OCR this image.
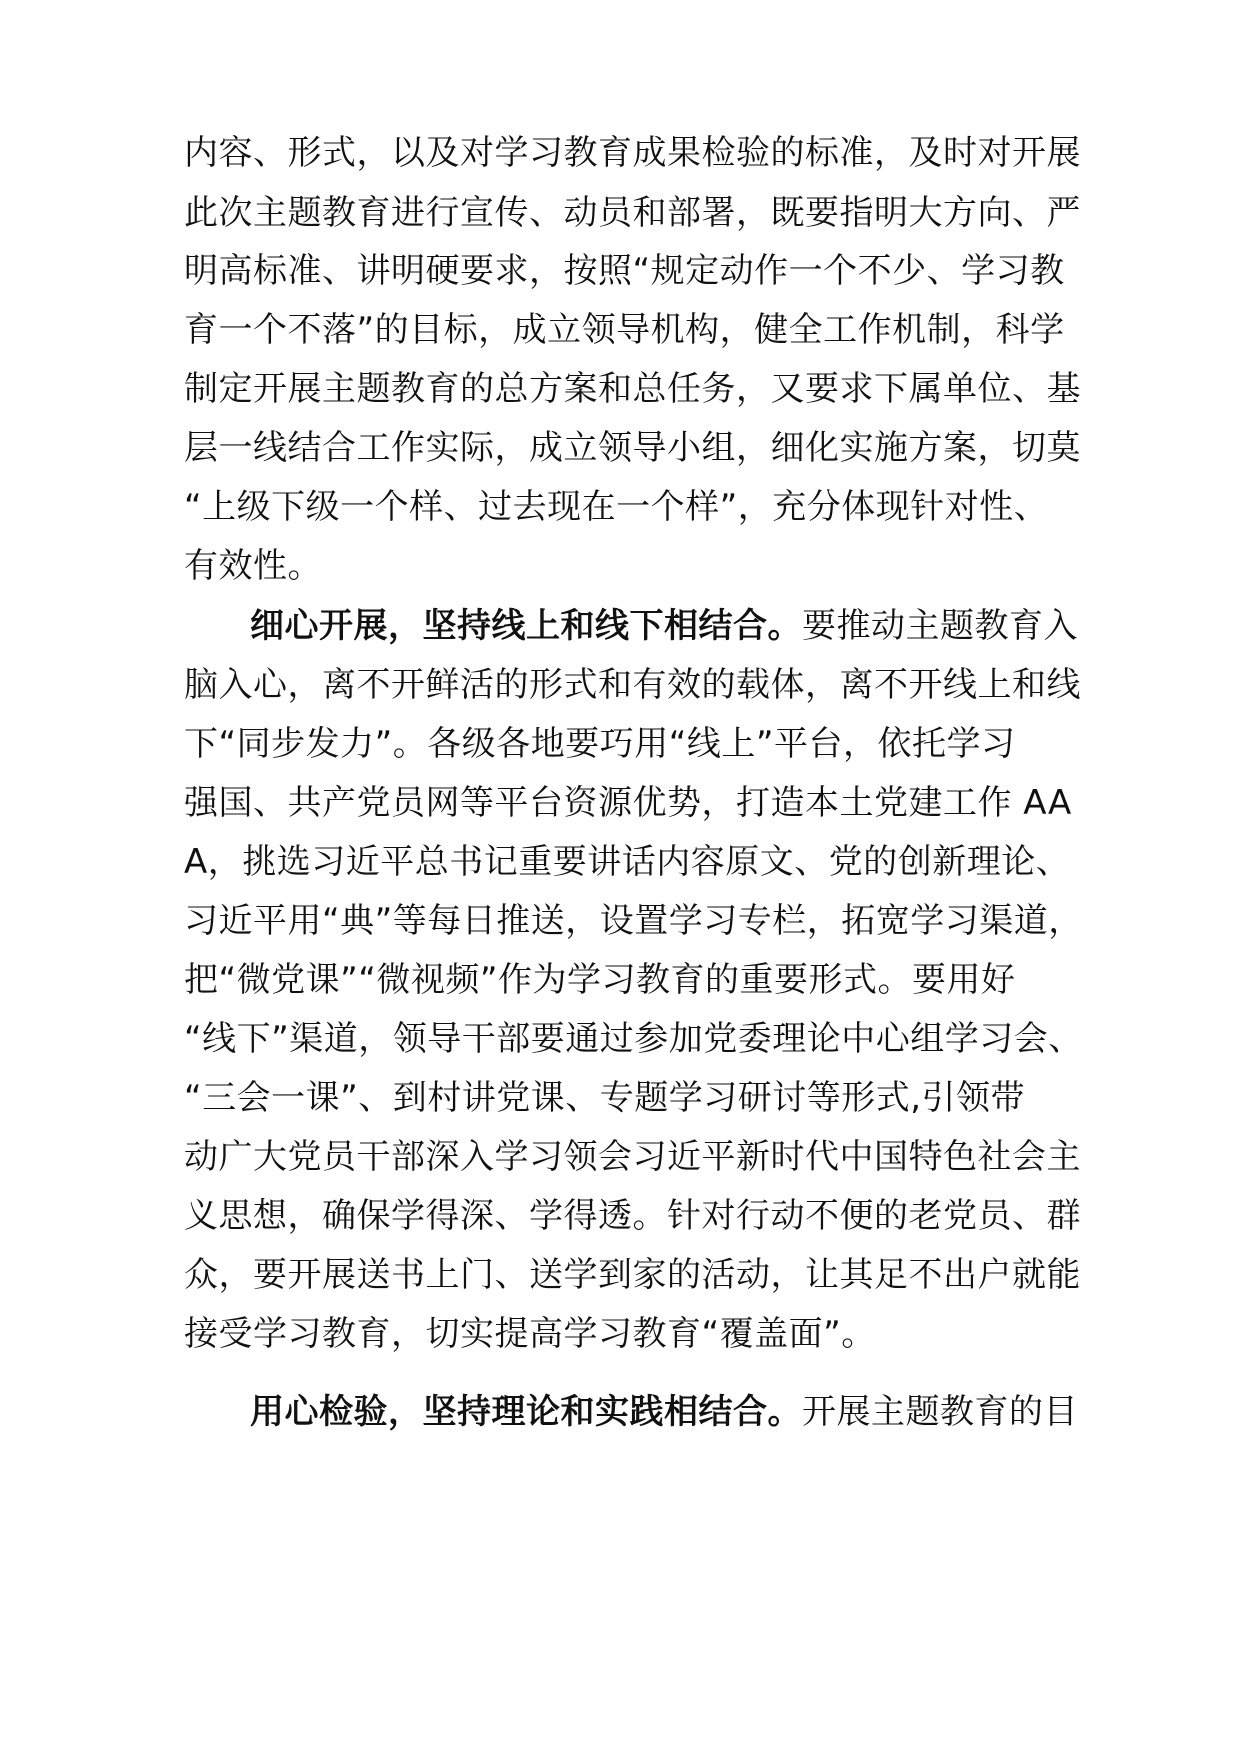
内容、形式，以及对学习教育成果检验的标准，及时对开展
此次主题教育进行宣传、动员和部署，既要指明大方向、严
明高标准、讲明硬要求，按照“规定动作一个不少、学习教
育一个不落”的目标，成立领导机构，健全工作机制，科学
制定开展主题教育的总方案和总任务，又要求下属单位、基
层一线结合工作实际，成立领导小组，细化实施方案，切莫
“上级下级一个样、过去现在一个样”，充分体现针对性、
有效性。
细心开展，坚持线上和线下相结合。要推动主题教育入
脑入心，离不开鲜活的形式和有效的载体，离不开线上和线
下“同步发力”。各级各地要巧用“线上”平台，依托学习
强国、共产党员网等平台资源优势，打造本土党建工作 AA
A，挑选习近平总书记重要讲话内容原文、党的创新理论、
习近平用“典”等每日推送，设置学习专栏，拓宽学习渠道，
把“微党课”“微视频”作为学习教育的重要形式。要用好
“线下”渠道，领导干部要通过参加党委理论中心组学习会、
“三会一课”、到村讲党课、专题学习研讨等形式,引领带
动广大党员干部深入学习领会习近平新时代中国特色社会主
义思想，确保学得深、学得透。针对行动不便的老党员、群
众，要开展送书上门、送学到家的活动，让其足不出户就能
接受学习教育，切实提高学习教育“覆盖面”。
用心检验，坚持理论和实践相结合。开展主题教育的目
